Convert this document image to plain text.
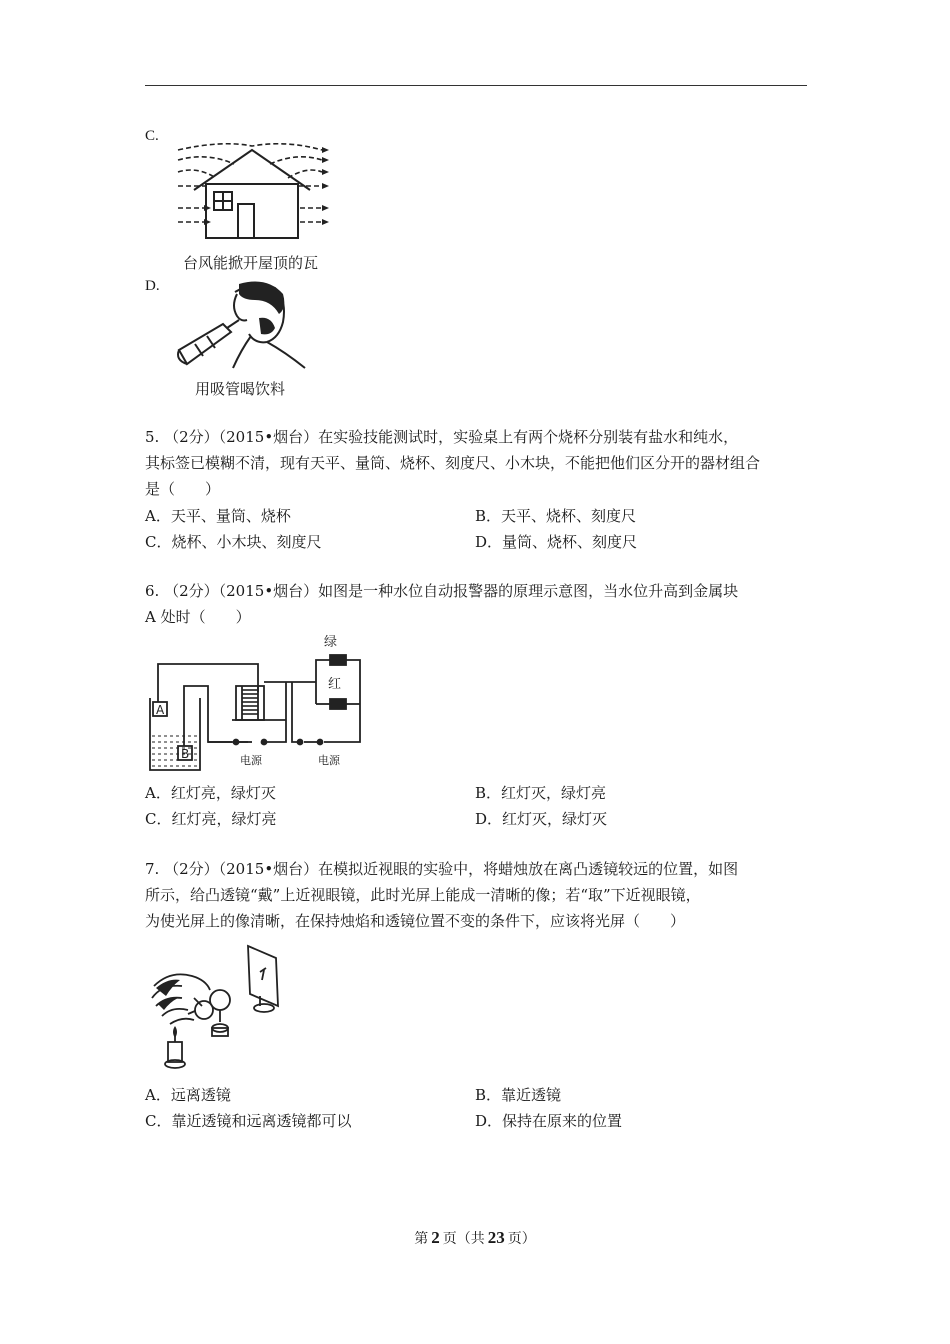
C.
台风能掀开屋顶的瓦
D.
用吸管喝饮料
5. （2分）（2015•烟台）在实验技能测试时，实验桌上有两个烧杯分别装有盐水和纯水，
其标签已模糊不清，现有天平、量筒、烧杯、刻度尺、小木块，不能把他们区分开的器材组合
是（　　）
A．天平、量筒、烧杯	B．天平、烧杯、刻度尺
C．烧杯、小木块、刻度尺	D．量筒、烧杯、刻度尺
6. （2分）（2015•烟台）如图是一种水位自动报警器的原理示意图，当水位升高到金属块
A 处时（　　）
绿
红
A
B	电源	电源
A．红灯亮，绿灯灭	B．红灯灭，绿灯亮
C．红灯亮，绿灯亮	D．红灯灭，绿灯灭
7. （2分）（2015•烟台）在模拟近视眼的实验中，将蜡烛放在离凸透镜较远的位置，如图
所示，给凸透镜“戴”上近视眼镜，此时光屏上能成一清晰的像；若“取”下近视眼镜，
为使光屏上的像清晰，在保持烛焰和透镜位置不变的条件下，应该将光屏（　　）
A．远离透镜	B．靠近透镜
C．靠近透镜和远离透镜都可以	D．保持在原来的位置
第 2 页（共 23 页）
